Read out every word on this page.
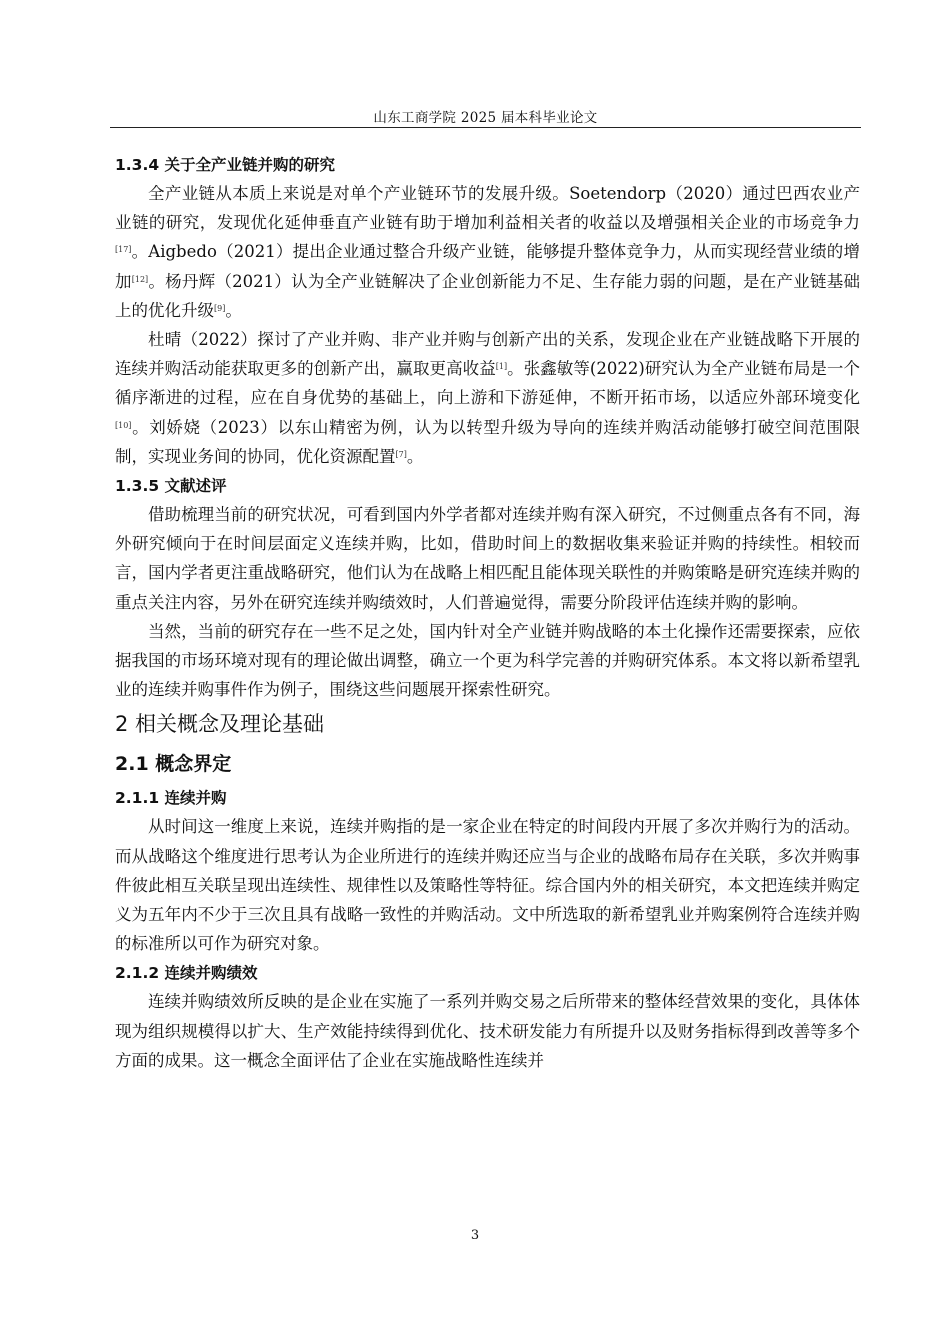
山东工商学院 2025 届本科毕业论文
1.3.4 关于全产业链并购的研究

全产业链从本质上来说是对单个产业链环节的发展升级。Soetendorp（2020）通过巴西农业产业链的研究，发现优化延伸垂直产业链有助于增加利益相关者的收益以及增强相关企业的市场竞争力[17]。Aigbedo（2021）提出企业通过整合升级产业链，能够提升整体竞争力，从而实现经营业绩的增加[12]。杨丹辉（2021）认为全产业链解决了企业创新能力不足、生存能力弱的问题，是在产业链基础上的优化升级[9]。

杜晴（2022）探讨了产业并购、非产业并购与创新产出的关系，发现企业在产业链战略下开展的连续并购活动能获取更多的创新产出，赢取更高收益[1]。张鑫敏等(2022)研究认为全产业链布局是一个循序渐进的过程，应在自身优势的基础上，向上游和下游延伸，不断开拓市场，以适应外部环境变化[10]。刘娇娆（2023）以东山精密为例，认为以转型升级为导向的连续并购活动能够打破空间范围限制，实现业务间的协同，优化资源配置[7]。

1.3.5 文献述评

借助梳理当前的研究状况，可看到国内外学者都对连续并购有深入研究，不过侧重点各有不同，海外研究倾向于在时间层面定义连续并购，比如，借助时间上的数据收集来验证并购的持续性。相较而言，国内学者更注重战略研究，他们认为在战略上相匹配且能体现关联性的并购策略是研究连续并购的重点关注内容，另外在研究连续并购绩效时，人们普遍觉得，需要分阶段评估连续并购的影响。

当然，当前的研究存在一些不足之处，国内针对全产业链并购战略的本土化操作还需要探索，应依据我国的市场环境对现有的理论做出调整，确立一个更为科学完善的并购研究体系。本文将以新希望乳业的连续并购事件作为例子，围绕这些问题展开探索性研究。

2 相关概念及理论基础
2.1 概念界定
2.1.1 连续并购

从时间这一维度上来说，连续并购指的是一家企业在特定的时间段内开展了多次并购行为的活动。而从战略这个维度进行思考认为企业所进行的连续并购还应当与企业的战略布局存在关联，多次并购事件彼此相互关联呈现出连续性、规律性以及策略性等特征。综合国内外的相关研究，本文把连续并购定义为五年内不少于三次且具有战略一致性的并购活动。文中所选取的新希望乳业并购案例符合连续并购的标准所以可作为研究对象。

2.1.2 连续并购绩效

连续并购绩效所反映的是企业在实施了一系列并购交易之后所带来的整体经营效果的变化，具体体现为组织规模得以扩大、生产效能持续得到优化、技术研发能力有所提升以及财务指标得到改善等多个方面的成果。这一概念全面评估了企业在实施战略性连续并

3
